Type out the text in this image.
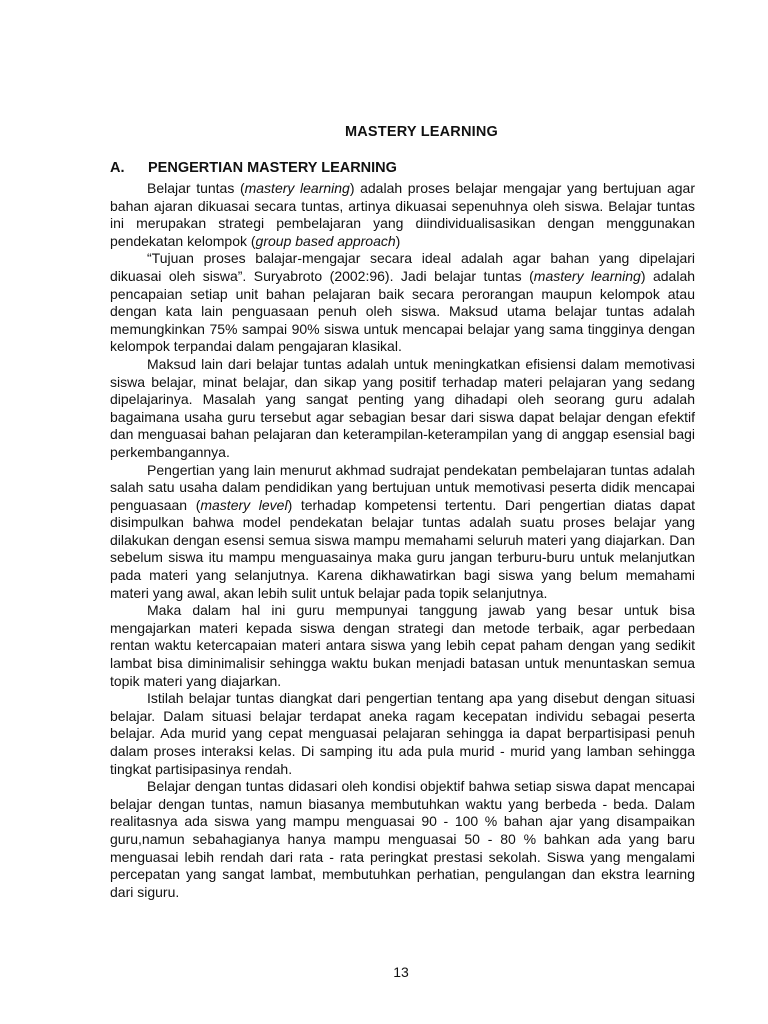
MASTERY LEARNING
A.	PENGERTIAN MASTERY LEARNING

Belajar tuntas (mastery learning) adalah proses belajar mengajar yang bertujuan agar bahan ajaran dikuasai secara tuntas, artinya dikuasai sepenuhnya oleh siswa. Belajar tuntas ini merupakan strategi pembelajaran yang diindividualisasikan dengan menggunakan pendekatan kelompok (group based approach)

“Tujuan proses balajar-mengajar secara ideal adalah agar bahan yang dipelajari dikuasai oleh siswa”. Suryabroto (2002:96). Jadi belajar tuntas (mastery learning) adalah pencapaian setiap unit bahan pelajaran baik secara perorangan maupun kelompok atau dengan kata lain penguasaan penuh oleh siswa. Maksud utama belajar tuntas adalah memungkinkan 75% sampai 90% siswa untuk mencapai belajar yang sama tingginya dengan kelompok terpandai dalam pengajaran klasikal.

Maksud lain dari belajar tuntas adalah untuk meningkatkan efisiensi dalam memotivasi siswa belajar, minat belajar, dan sikap yang positif terhadap materi pelajaran yang sedang dipelajarinya. Masalah yang sangat penting yang dihadapi oleh seorang guru adalah bagaimana usaha guru tersebut agar sebagian besar dari siswa dapat belajar dengan efektif dan menguasai bahan pelajaran dan keterampilan-keterampilan yang di anggap esensial bagi perkembangannya.

Pengertian yang lain menurut akhmad sudrajat pendekatan pembelajaran tuntas adalah salah satu usaha dalam pendidikan yang bertujuan untuk memotivasi peserta didik mencapai penguasaan (mastery level) terhadap kompetensi tertentu. Dari pengertian diatas dapat disimpulkan bahwa model pendekatan belajar tuntas adalah suatu proses belajar yang dilakukan dengan esensi semua siswa mampu memahami seluruh materi yang diajarkan. Dan sebelum siswa itu mampu menguasainya maka guru jangan terburu-buru untuk melanjutkan pada materi yang selanjutnya. Karena dikhawatirkan bagi siswa yang belum memahami materi yang awal, akan lebih sulit untuk belajar pada topik selanjutnya.

Maka dalam hal ini guru mempunyai tanggung jawab yang besar untuk bisa mengajarkan materi kepada siswa dengan strategi dan metode terbaik, agar perbedaan rentan waktu ketercapaian materi antara siswa yang lebih cepat paham dengan yang sedikit lambat bisa diminimalisir sehingga waktu bukan menjadi batasan untuk menuntaskan semua topik materi yang diajarkan.

Istilah belajar tuntas diangkat dari pengertian tentang apa yang disebut dengan situasi belajar. Dalam situasi belajar terdapat aneka ragam kecepatan individu sebagai peserta belajar. Ada murid yang cepat menguasai pelajaran sehingga ia dapat berpartisipasi penuh dalam proses interaksi kelas. Di samping itu ada pula murid - murid yang lamban sehingga tingkat partisipasinya rendah.

Belajar dengan tuntas didasari oleh kondisi objektif bahwa setiap siswa dapat mencapai belajar dengan tuntas, namun biasanya membutuhkan waktu yang berbeda - beda. Dalam realitasnya ada siswa yang mampu menguasai 90 - 100 % bahan ajar yang disampaikan guru,namun sebahagianya hanya mampu menguasai 50 - 80 % bahkan ada yang baru menguasai lebih rendah dari rata - rata peringkat prestasi sekolah. Siswa yang mengalami percepatan yang sangat lambat, membutuhkan perhatian, pengulangan dan ekstra learning dari siguru.

13
